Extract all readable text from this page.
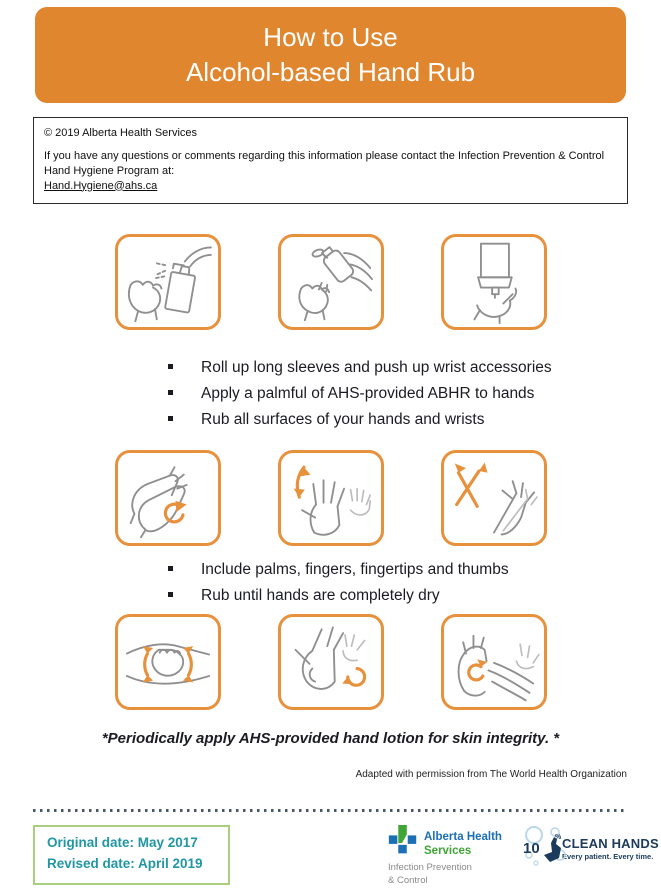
How to Use
Alcohol-based Hand Rub
© 2019 Alberta Health Services
If you have any questions or comments regarding this information please contact the Infection Prevention & Control Hand Hygiene Program at:
Hand.Hygiene@ahs.ca
Roll up long sleeves and push up wrist accessories
Apply a palmful of AHS-provided ABHR to hands
Rub all surfaces of your hands and wrists
Include palms, fingers, fingertips and thumbs
Rub until hands are completely dry
*Periodically apply AHS-provided hand lotion for skin integrity. *
Adapted with permission from The World Health Organization
Original date: May 2017
Revised date: April 2019
Alberta Health
Services
Infection Prevention
& Control
10
% CLEAN HANDS
Every patient. Every time.
